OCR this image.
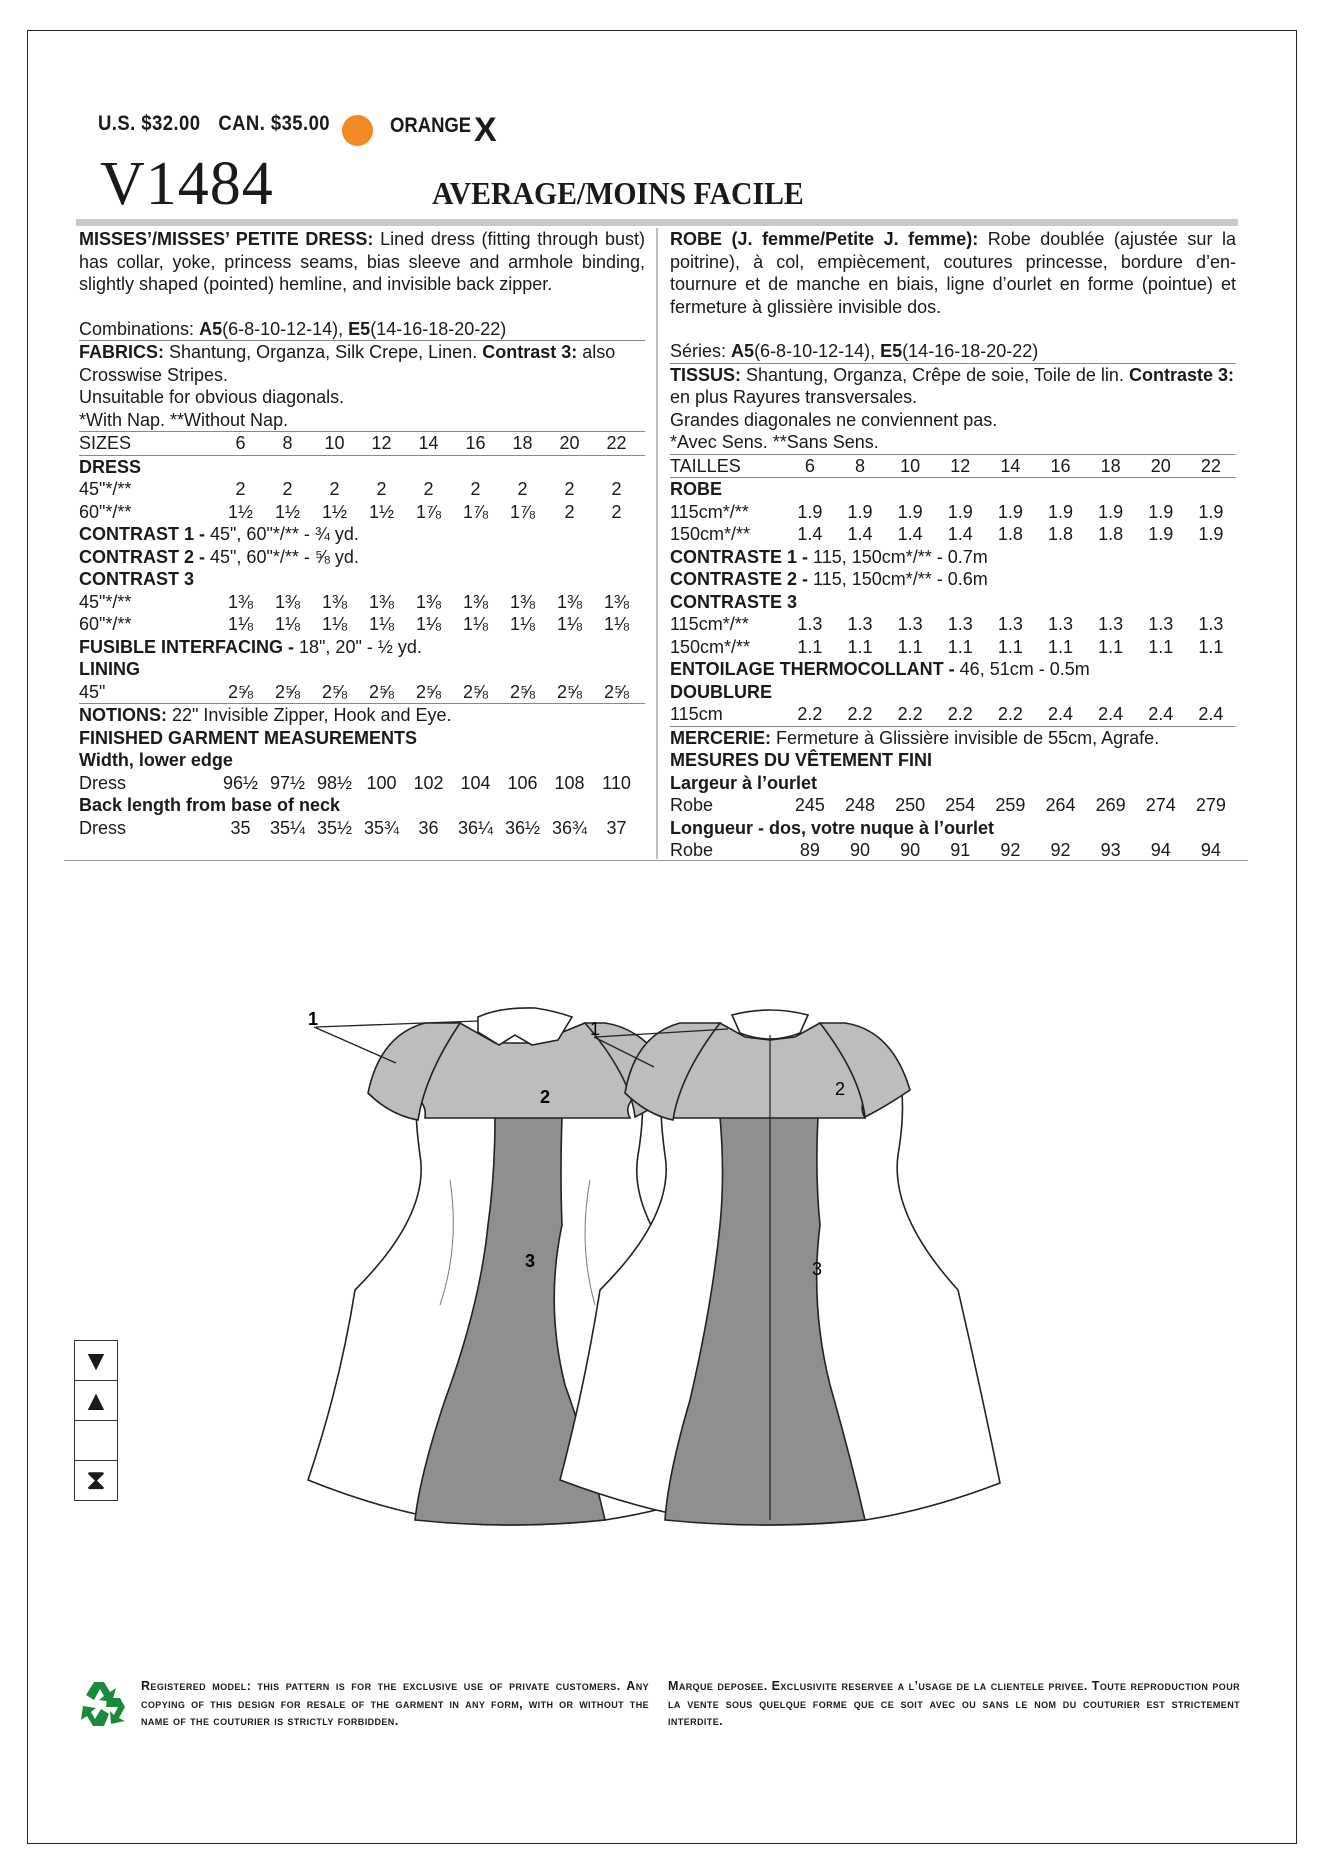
U.S. $32.00 CAN. $35.00	ORANGE X
V1484	AVERAGE/MOINS FACILE
MISSES’/MISSES’ PETITE DRESS: Lined dress (fitting through bust) has collar, yoke, princess seams, bias sleeve and armhole binding, slightly shaped (pointed) hemline, and invisible back zipper.
Combinations: A5(6-8-10-12-14), E5(14-16-18-20-22)
FABRICS: Shantung, Organza, Silk Crepe, Linen. Contrast 3: also Crosswise Stripes.
Unsuitable for obvious diagonals.
*With Nap. **Without Nap.
SIZES	6	8	10	12	14	16	18	20	22
DRESS
45"*/**	2	2	2	2	2	2	2	2	2
60"*/**	1½	1½	1½	1½	1⅞	1⅞	1⅞	2	2
CONTRAST 1 -
45", 60"*/** - ¾ yd.
CONTRAST 2 -
45", 60"*/** - ⅝ yd.
CONTRAST 3
45"*/**	1⅜	1⅜	1⅜	1⅜	1⅜	1⅜	1⅜	1⅜	1⅜
60"*/**	1⅛	1⅛	1⅛	1⅛	1⅛	1⅛	1⅛	1⅛	1⅛
FUSIBLE INTERFACING -
18", 20" - ½ yd.
LINING
45"	2⅝	2⅝	2⅝	2⅝	2⅝	2⅝	2⅝	2⅝	2⅝
NOTIONS:
22" Invisible Zipper, Hook and Eye.
FINISHED GARMENT MEASUREMENTS
Width, lower edge
Dress	96½ 97½ 98½ 100 102 104 106 108 110
Back length from base of neck
Dress	35	35¼ 35½ 35¾	36	36¼ 36½ 36¾	37
ROBE (J. femme/Petite J. femme): Robe doublée (ajustée sur la poitrine), à col, empiècement, coutures princesse, bordure d’en-tournure et de manche en biais, ligne d’ourlet en forme (pointue) et fermeture à glissière invisible dos.
Séries: A5(6-8-10-12-14), E5(14-16-18-20-22)
TISSUS: Shantung, Organza, Crêpe de soie, Toile de lin. Contraste 3: en plus Rayures transversales.
Grandes diagonales ne conviennent pas.
*Avec Sens. **Sans Sens.
TAILLES	6	8	10	12	14	16	18	20	22
ROBE
115cm*/**	1.9	1.9	1.9	1.9	1.9	1.9	1.9	1.9	1.9
150cm*/**	1.4	1.4	1.4	1.4	1.8	1.8	1.8	1.9	1.9
CONTRASTE 1 -
115, 150cm*/** - 0.7m
CONTRASTE 2 -
115, 150cm*/** - 0.6m
CONTRASTE 3
115cm*/**	1.3	1.3	1.3	1.3	1.3	1.3	1.3	1.3	1.3
150cm*/**	1.1	1.1	1.1	1.1	1.1	1.1	1.1	1.1	1.1
ENTOILAGE THERMOCOLLANT -
46, 51cm - 0.5m
DOUBLURE
115cm	2.2	2.2	2.2	2.2	2.2	2.4	2.4	2.4	2.4
MERCERIE:
Fermeture à Glissière invisible de 55cm, Agrafe.
MESURES DU VÊTEMENT FINI
Largeur à l’ourlet
Robe	245	248	250	254	259	264	269	274	279
Longueur - dos, votre nuque à l’ourlet
Robe	89	90	90	91	92	92	93	94	94
1
2
3
1
2
3
▼
▲
⧗
Registered model: this pattern is for the exclusive use of private customers. Any copying of this design for resale of the garment in any form, with or without the name of the couturier is strictly forbidden.
Marque deposee. Exclusivite reservee a l’usage de la clientele privee. Toute reproduction pour la vente sous quelque forme que ce soit avec ou sans le nom du couturier est strictement interdite.
